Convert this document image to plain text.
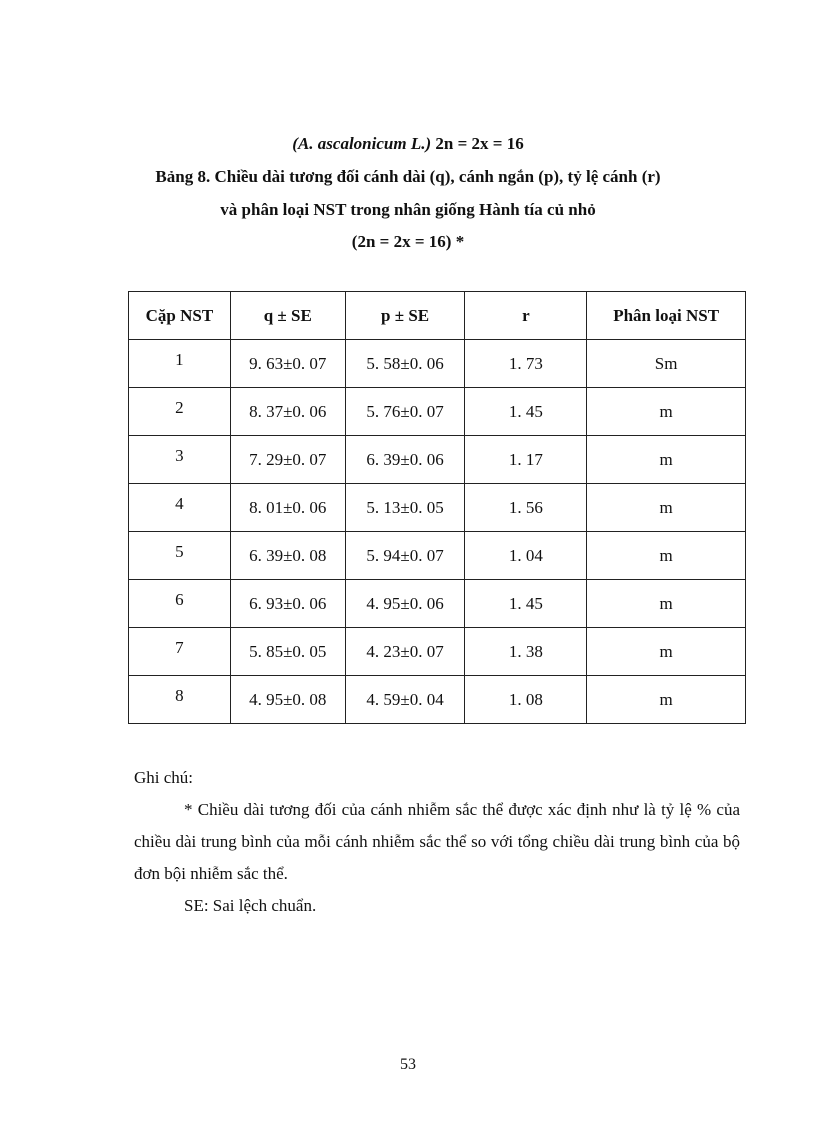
(A. ascalonicum L.) 2n = 2x = 16
Bảng 8. Chiều dài tương đối cánh dài (q), cánh ngắn (p), tỷ lệ cánh (r)
và phân loại NST trong nhân giống Hành tía củ nhỏ
(2n = 2x = 16) *
Cặp NST	q ± SE	p ± SE	r	Phân loại NST
1	9. 63±0. 07	5. 58±0. 06	1. 73	Sm
2	8. 37±0. 06	5. 76±0. 07	1. 45	m
3	7. 29±0. 07	6. 39±0. 06	1. 17	m
4	8. 01±0. 06	5. 13±0. 05	1. 56	m
5	6. 39±0. 08	5. 94±0. 07	1. 04	m
6	6. 93±0. 06	4. 95±0. 06	1. 45	m
7	5. 85±0. 05	4. 23±0. 07	1. 38	m
8	4. 95±0. 08	4. 59±0. 04	1. 08	m

Ghi chú:

* Chiều dài tương đối của cánh nhiễm sắc thể được xác định như là tỷ lệ % của chiều dài trung bình của mỗi cánh nhiễm sắc thể so với tổng chiều dài trung bình của bộ đơn bội nhiễm sắc thể.

SE: Sai lệch chuẩn.

53
